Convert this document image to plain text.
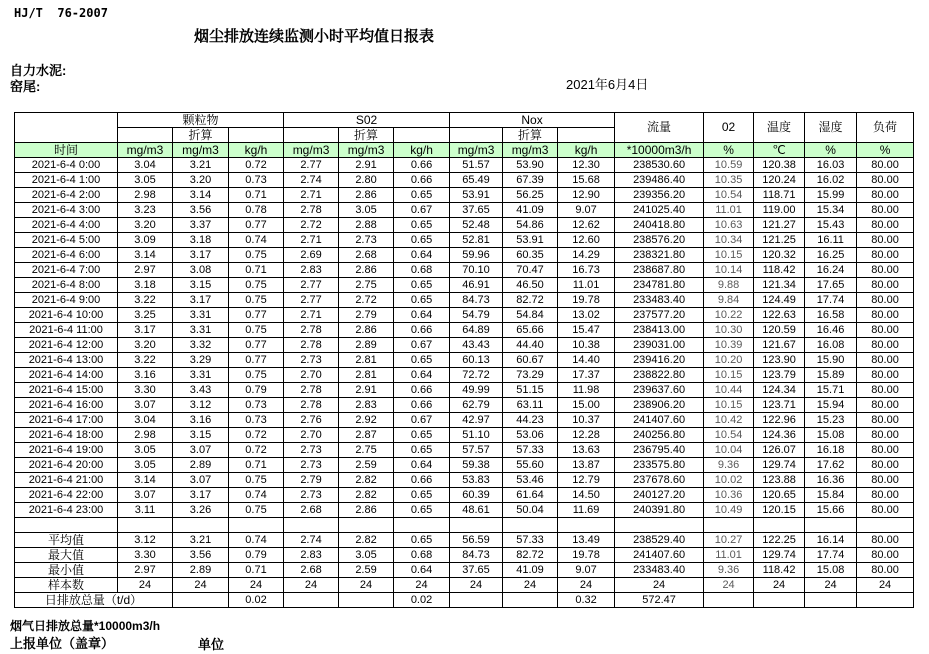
HJ/T  76-2007
烟尘排放连续监测小时平均值日报表
自力水泥:
窑尾:	2021年6月4日
	颗粒物			S02			Nox			流量	02	温度	湿度	负荷
		折算			折算			折算						
时间	mg/m3	mg/m3	kg/h	mg/m3	mg/m3	kg/h	mg/m3	mg/m3	kg/h	*10000m3/h	%	℃	%	%
2021-6-4 0:00	3.04	3.21	0.72	2.77	2.91	0.66	51.57	53.90	12.30	238530.60	10.59	120.38	16.03	80.00
2021-6-4 1:00	3.05	3.20	0.73	2.74	2.80	0.66	65.49	67.39	15.68	239486.40	10.35	120.24	16.02	80.00
2021-6-4 2:00	2.98	3.14	0.71	2.71	2.86	0.65	53.91	56.25	12.90	239356.20	10.54	118.71	15.99	80.00
2021-6-4 3:00	3.23	3.56	0.78	2.78	3.05	0.67	37.65	41.09	9.07	241025.40	11.01	119.00	15.34	80.00
2021-6-4 4:00	3.20	3.37	0.77	2.72	2.88	0.65	52.48	54.86	12.62	240418.80	10.63	121.27	15.43	80.00
2021-6-4 5:00	3.09	3.18	0.74	2.71	2.73	0.65	52.81	53.91	12.60	238576.20	10.34	121.25	16.11	80.00
2021-6-4 6:00	3.14	3.17	0.75	2.69	2.68	0.64	59.96	60.35	14.29	238321.80	10.15	120.32	16.25	80.00
2021-6-4 7:00	2.97	3.08	0.71	2.83	2.86	0.68	70.10	70.47	16.73	238687.80	10.14	118.42	16.24	80.00
2021-6-4 8:00	3.18	3.15	0.75	2.77	2.75	0.65	46.91	46.50	11.01	234781.80	9.88	121.34	17.65	80.00
2021-6-4 9:00	3.22	3.17	0.75	2.77	2.72	0.65	84.73	82.72	19.78	233483.40	9.84	124.49	17.74	80.00
2021-6-4 10:00	3.25	3.31	0.77	2.71	2.79	0.64	54.79	54.84	13.02	237577.20	10.22	122.63	16.58	80.00
2021-6-4 11:00	3.17	3.31	0.75	2.78	2.86	0.66	64.89	65.66	15.47	238413.00	10.30	120.59	16.46	80.00
2021-6-4 12:00	3.20	3.32	0.77	2.78	2.89	0.67	43.43	44.40	10.38	239031.00	10.39	121.67	16.08	80.00
2021-6-4 13:00	3.22	3.29	0.77	2.73	2.81	0.65	60.13	60.67	14.40	239416.20	10.20	123.90	15.90	80.00
2021-6-4 14:00	3.16	3.31	0.75	2.70	2.81	0.64	72.72	73.29	17.37	238822.80	10.15	123.79	15.89	80.00
2021-6-4 15:00	3.30	3.43	0.79	2.78	2.91	0.66	49.99	51.15	11.98	239637.60	10.44	124.34	15.71	80.00
2021-6-4 16:00	3.07	3.12	0.73	2.78	2.83	0.66	62.79	63.11	15.00	238906.20	10.15	123.71	15.94	80.00
2021-6-4 17:00	3.04	3.16	0.73	2.76	2.92	0.67	42.97	44.23	10.37	241407.60	10.42	122.96	15.23	80.00
2021-6-4 18:00	2.98	3.15	0.72	2.70	2.87	0.65	51.10	53.06	12.28	240256.80	10.54	124.36	15.08	80.00
2021-6-4 19:00	3.05	3.07	0.72	2.73	2.75	0.65	57.57	57.33	13.63	236795.40	10.04	126.07	16.18	80.00
2021-6-4 20:00	3.05	2.89	0.71	2.73	2.59	0.64	59.38	55.60	13.87	233575.80	9.36	129.74	17.62	80.00
2021-6-4 21:00	3.14	3.07	0.75	2.79	2.82	0.66	53.83	53.46	12.79	237678.60	10.02	123.88	16.36	80.00
2021-6-4 22:00	3.07	3.17	0.74	2.73	2.82	0.65	60.39	61.64	14.50	240127.20	10.36	120.65	15.84	80.00
2021-6-4 23:00	3.11	3.26	0.75	2.68	2.86	0.65	48.61	50.04	11.69	240391.80	10.49	120.15	15.66	80.00

平均值	3.12	3.21	0.74	2.74	2.82	0.65	56.59	57.33	13.49	238529.40	10.27	122.25	16.14	80.00
最大值	3.30	3.56	0.79	2.83	3.05	0.68	84.73	82.72	19.78	241407.60	11.01	129.74	17.74	80.00
最小值	2.97	2.89	0.71	2.68	2.59	0.64	37.65	41.09	9.07	233483.40	9.36	118.42	15.08	80.00
样本数	24	24	24	24	24	24	24	24	24	24	24	24	24	24
日排放总量（t/d）			0.02			0.02			0.32	572.47				
烟气日排放总量*10000m3/h
上报单位（盖章）	单位
